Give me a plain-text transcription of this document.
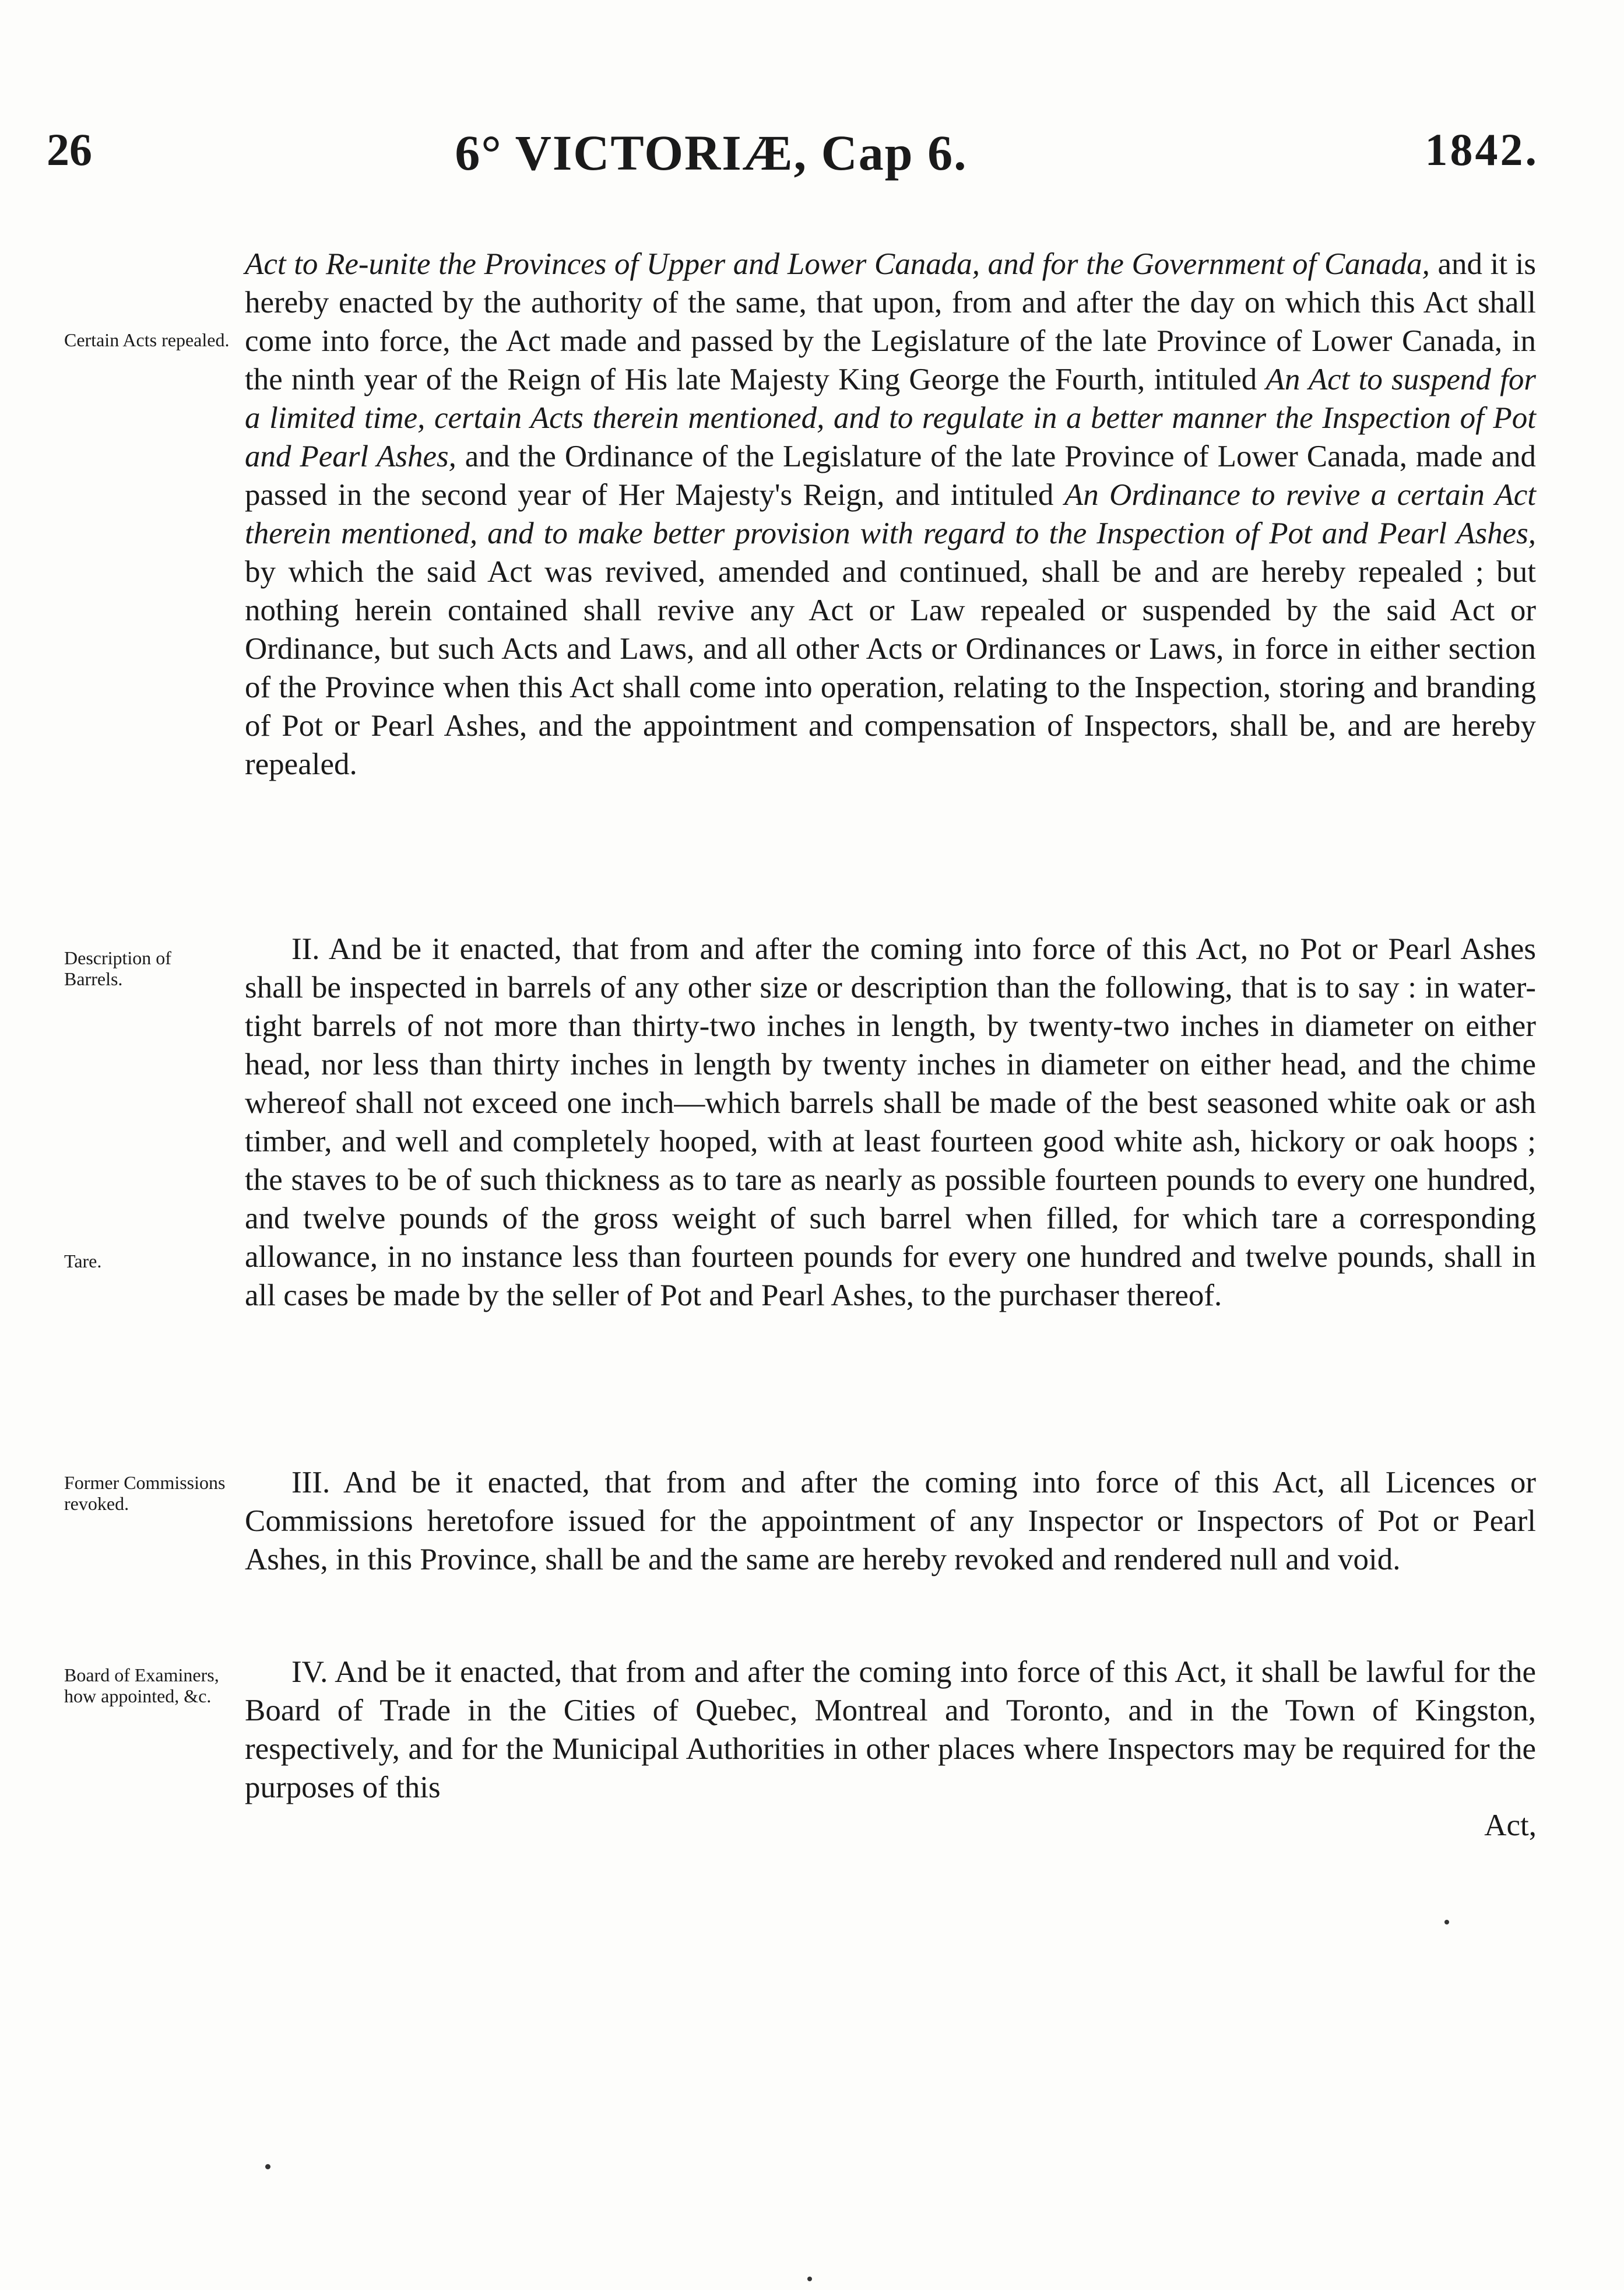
26	6° VICTORIÆ, Cap 6.	1842.
Certain Acts repealed.
Description of Barrels.
Tare.
Former Commissions revoked.
Board of Examiners, how appointed, &c.

Act to Re-unite the Provinces of Upper and Lower Canada, and for the Government of Canada, and it is hereby enacted by the authority of the same, that upon, from and after the day on which this Act shall come into force, the Act made and passed by the Legislature of the late Province of Lower Canada, in the ninth year of the Reign of His late Majesty King George the Fourth, intituled An Act to suspend for a limited time, certain Acts therein mentioned, and to regulate in a better manner the Inspection of Pot and Pearl Ashes, and the Ordinance of the Legislature of the late Province of Lower Canada, made and passed in the second year of Her Majesty's Reign, and intituled An Ordinance to revive a certain Act therein mentioned, and to make better provision with regard to the Inspection of Pot and Pearl Ashes, by which the said Act was revived, amended and continued, shall be and are hereby repealed ; but nothing herein contained shall revive any Act or Law repealed or suspended by the said Act or Ordinance, but such Acts and Laws, and all other Acts or Ordinances or Laws, in force in either section of the Province when this Act shall come into operation, relating to the Inspection, storing and branding of Pot or Pearl Ashes, and the appointment and compensation of Inspectors, shall be, and are hereby repealed.

II. And be it enacted, that from and after the coming into force of this Act, no Pot or Pearl Ashes shall be inspected in barrels of any other size or description than the following, that is to say : in water-tight barrels of not more than thirty-two inches in length, by twenty-two inches in diameter on either head, nor less than thirty inches in length by twenty inches in diameter on either head, and the chime whereof shall not exceed one inch—which barrels shall be made of the best seasoned white oak or ash timber, and well and completely hooped, with at least fourteen good white ash, hickory or oak hoops ; the staves to be of such thickness as to tare as nearly as possible fourteen pounds to every one hundred, and twelve pounds of the gross weight of such barrel when filled, for which tare a corresponding allowance, in no instance less than fourteen pounds for every one hundred and twelve pounds, shall in all cases be made by the seller of Pot and Pearl Ashes, to the purchaser thereof.

III. And be it enacted, that from and after the coming into force of this Act, all Licences or Commissions heretofore issued for the appointment of any Inspector or Inspectors of Pot or Pearl Ashes, in this Province, shall be and the same are hereby revoked and rendered null and void.

IV. And be it enacted, that from and after the coming into force of this Act, it shall be lawful for the Board of Trade in the Cities of Quebec, Montreal and Toronto, and in the Town of Kingston, respectively, and for the Municipal Authorities in other places where Inspectors may be required for the purposes of this

Act,
